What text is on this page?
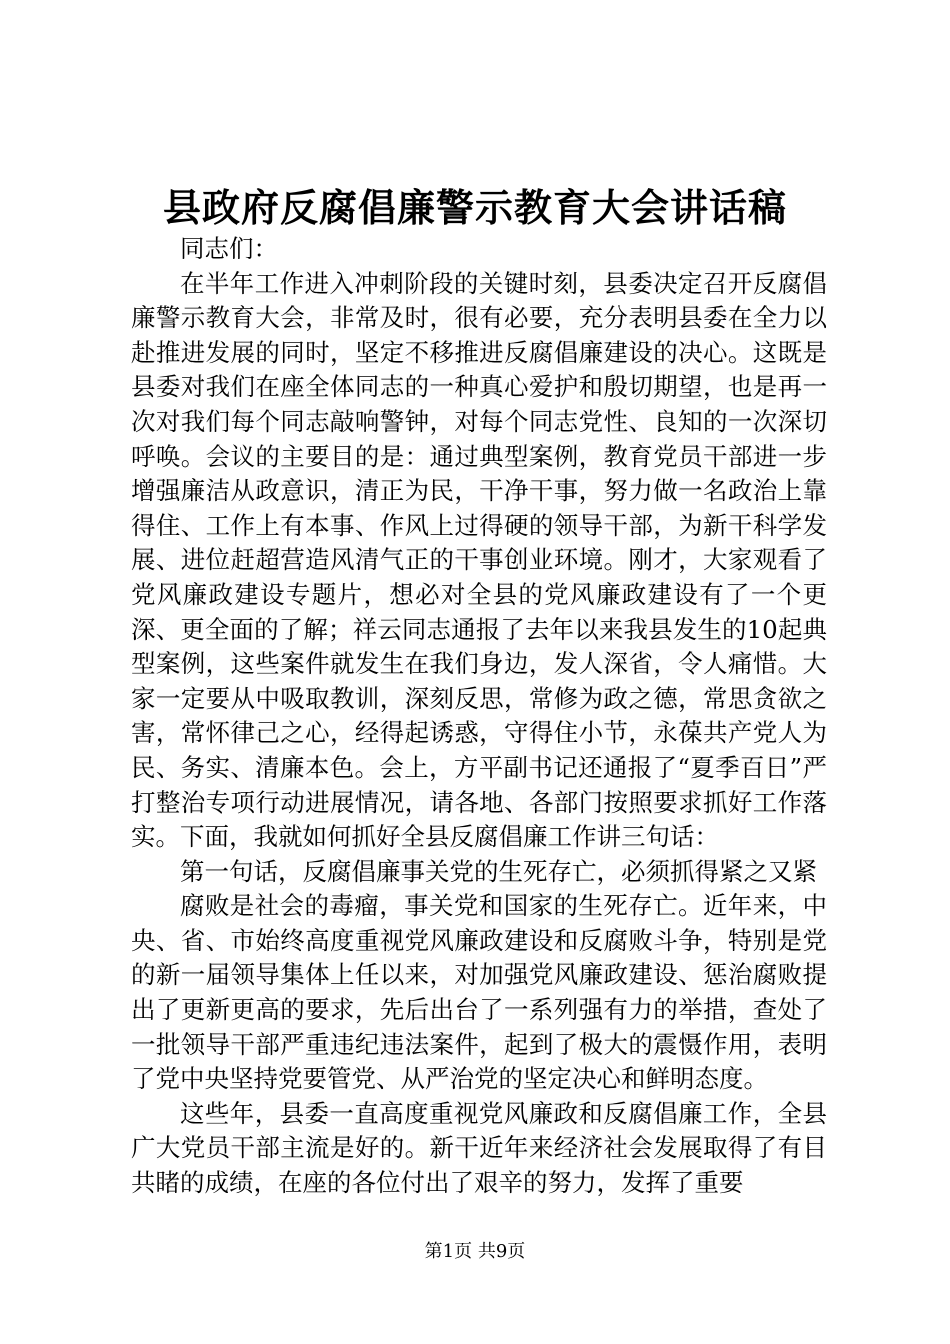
县政府反腐倡廉警示教育大会讲话稿

同志们：

在半年工作进入冲刺阶段的关键时刻，县委决定召开反腐倡廉警示教育大会，非常及时，很有必要，充分表明县委在全力以赴推进发展的同时，坚定不移推进反腐倡廉建设的决心。这既是县委对我们在座全体同志的一种真心爱护和殷切期望，也是再一次对我们每个同志敲响警钟，对每个同志党性、良知的一次深切呼唤。会议的主要目的是：通过典型案例，教育党员干部进一步增强廉洁从政意识，清正为民，干净干事，努力做一名政治上靠得住、工作上有本事、作风上过得硬的领导干部，为新干科学发展、进位赶超营造风清气正的干事创业环境。刚才，大家观看了党风廉政建设专题片，想必对全县的党风廉政建设有了一个更深、更全面的了解；祥云同志通报了去年以来我县发生的10起典型案例，这些案件就发生在我们身边，发人深省，令人痛惜。大家一定要从中吸取教训，深刻反思，常修为政之德，常思贪欲之害，常怀律己之心，经得起诱惑，守得住小节，永葆共产党人为民、务实、清廉本色。会上，方平副书记还通报了“夏季百日”严打整治专项行动进展情况，请各地、各部门按照要求抓好工作落实。下面，我就如何抓好全县反腐倡廉工作讲三句话：

第一句话，反腐倡廉事关党的生死存亡，必须抓得紧之又紧

腐败是社会的毒瘤，事关党和国家的生死存亡。近年来，中央、省、市始终高度重视党风廉政建设和反腐败斗争，特别是党的新一届领导集体上任以来，对加强党风廉政建设、惩治腐败提出了更新更高的要求，先后出台了一系列强有力的举措，查处了一批领导干部严重违纪违法案件，起到了极大的震慑作用，表明了党中央坚持党要管党、从严治党的坚定决心和鲜明态度。

这些年，县委一直高度重视党风廉政和反腐倡廉工作，全县广大党员干部主流是好的。新干近年来经济社会发展取得了有目共睹的成绩，在座的各位付出了艰辛的努力，发挥了重要

第1页 共9页
